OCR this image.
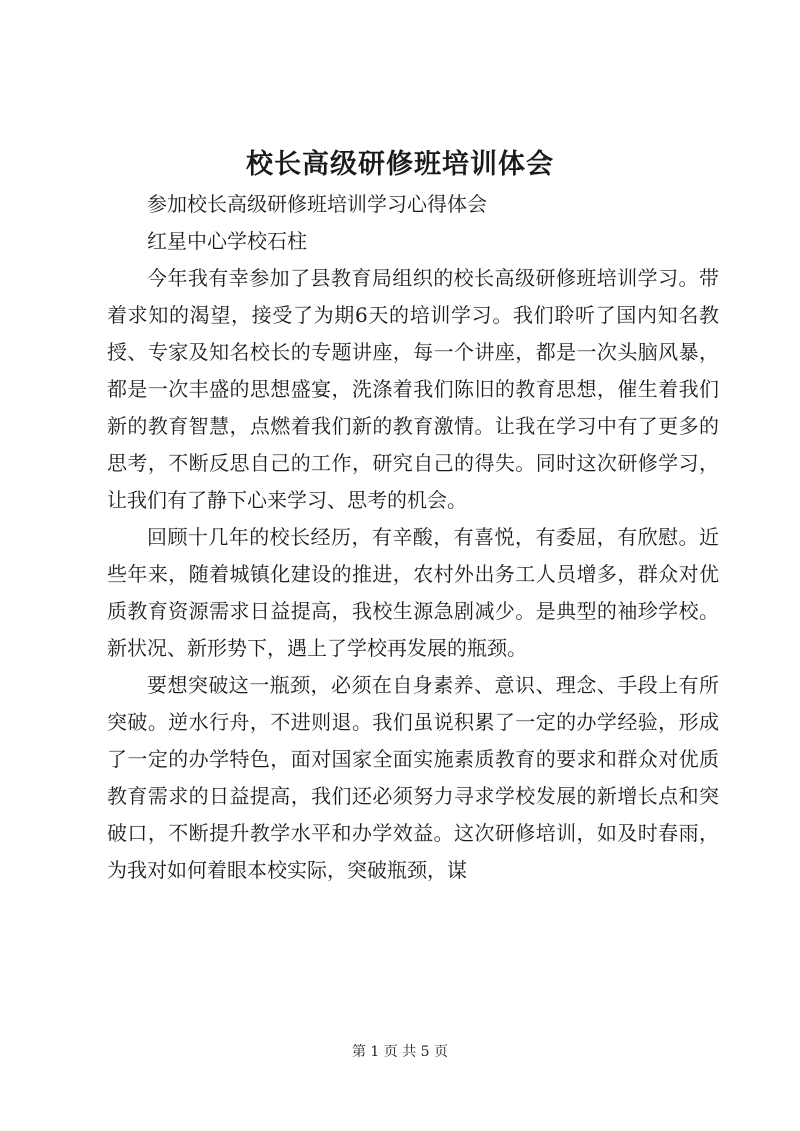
校长高级研修班培训体会

参加校长高级研修班培训学习心得体会

红星中心学校石柱

今年我有幸参加了县教育局组织的校长高级研修班培训学习。带着求知的渴望，接受了为期6天的培训学习。我们聆听了国内知名教授、专家及知名校长的专题讲座，每一个讲座，都是一次头脑风暴，都是一次丰盛的思想盛宴，洗涤着我们陈旧的教育思想，催生着我们新的教育智慧，点燃着我们新的教育激情。让我在学习中有了更多的思考，不断反思自己的工作，研究自己的得失。同时这次研修学习，让我们有了静下心来学习、思考的机会。

回顾十几年的校长经历，有辛酸，有喜悦，有委屈，有欣慰。近些年来，随着城镇化建设的推进，农村外出务工人员增多，群众对优质教育资源需求日益提高，我校生源急剧减少。是典型的袖珍学校。新状况、新形势下，遇上了学校再发展的瓶颈。

要想突破这一瓶颈，必须在自身素养、意识、理念、手段上有所突破。逆水行舟，不进则退。我们虽说积累了一定的办学经验，形成了一定的办学特色，面对国家全面实施素质教育的要求和群众对优质教育需求的日益提高，我们还必须努力寻求学校发展的新增长点和突破口，不断提升教学水平和办学效益。这次研修培训，如及时春雨，为我对如何着眼本校实际，突破瓶颈，谋

第 1 页 共 5 页
